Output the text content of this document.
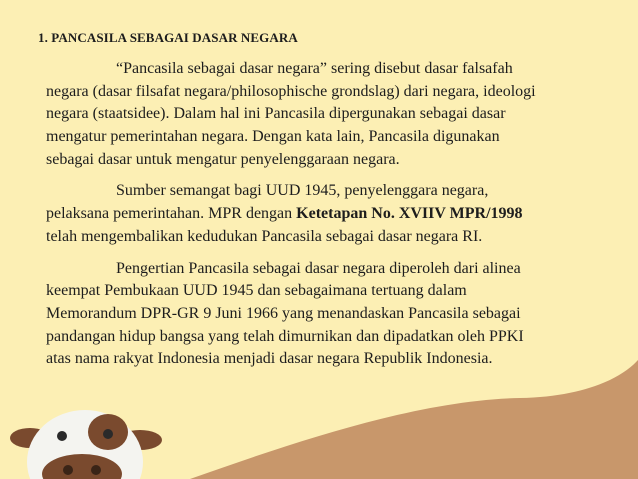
1. PANCASILA SEBAGAI DASAR NEGARA
“Pancasila sebagai dasar negara” sering disebut dasar falsafah
negara (dasar filsafat negara/philosophische grondslag) dari negara, ideologi
negara (staatsidee). Dalam hal ini Pancasila dipergunakan sebagai dasar
mengatur pemerintahan negara. Dengan kata lain, Pancasila digunakan
sebagai dasar untuk mengatur penyelenggaraan negara.
Sumber semangat bagi UUD 1945, penyelenggara negara,
pelaksana pemerintahan. MPR dengan Ketetapan No. XVIIV MPR/1998
telah mengembalikan kedudukan Pancasila sebagai dasar negara RI.
Pengertian Pancasila sebagai dasar negara diperoleh dari alinea
keempat Pembukaan UUD 1945 dan sebagaimana tertuang dalam
Memorandum DPR-GR 9 Juni 1966 yang menandaskan Pancasila sebagai
pandangan hidup bangsa yang telah dimurnikan dan dipadatkan oleh PPKI
atas nama rakyat Indonesia menjadi dasar negara Republik Indonesia.
